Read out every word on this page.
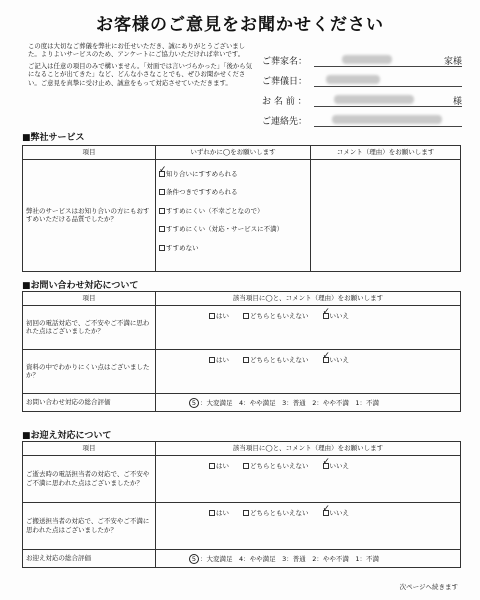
お客様のご意見をお聞かせください

この度は大切なご葬儀を弊社にお任せいただき、誠にありがとうございました。よりよいサービスのため、アンケートにご協力いただければ幸いです。

ご記入は任意の項目のみで構いません。「対面では言いづらかった」「後から気になることが出てきた」など、どんな小さなことでも、ぜひお聞かせください。ご意見を真摯に受け止め、誠意をもって対応させていただきます。

ご葬家名：	家様
ご葬儀日：
お 名 前 ：	様
ご連絡先：
■弊社サービス
項目	いずれかに◯をお願いします	コメント（理由）をお願いします
弊社のサービスはお知り合いの方にもおすすめいただける品質でしたか？	
✓知り合いにすすめられる
条件つきですすめられる
すすめにくい（不幸ごとなので）
すすめにくい（対応・サービスに不満）
すすめない

■お問い合わせ対応について
項目	該当項目に◯と、コメント（理由）をお願いします
初回の電話対応で、ご不安やご不満に思われた点はございましたか？	はい どちらともいえない ✓ いいえ

資料の中でわかりにくい点はございましたか？	はい どちらともいえない ✓ いいえ

お問い合わせ対応の総合評価	5 ：大変満足　4：やや満足　3：普通　2：やや不満　1：不満
■お迎え対応について
項目	該当項目に◯と、コメント（理由）をお願いします
ご逝去時の電話担当者の対応で、ご不安やご不満に思われた点はございましたか？	はい どちらともいえない ✓ いいえ

ご搬送担当者の対応で、ご不安やご不満に思われた点はございましたか？	はい どちらともいえない ✓ いいえ

お迎え対応の総合評価	5 ：大変満足　4：やや満足　3：普通　2：やや不満　1：不満
次ページへ続きます
